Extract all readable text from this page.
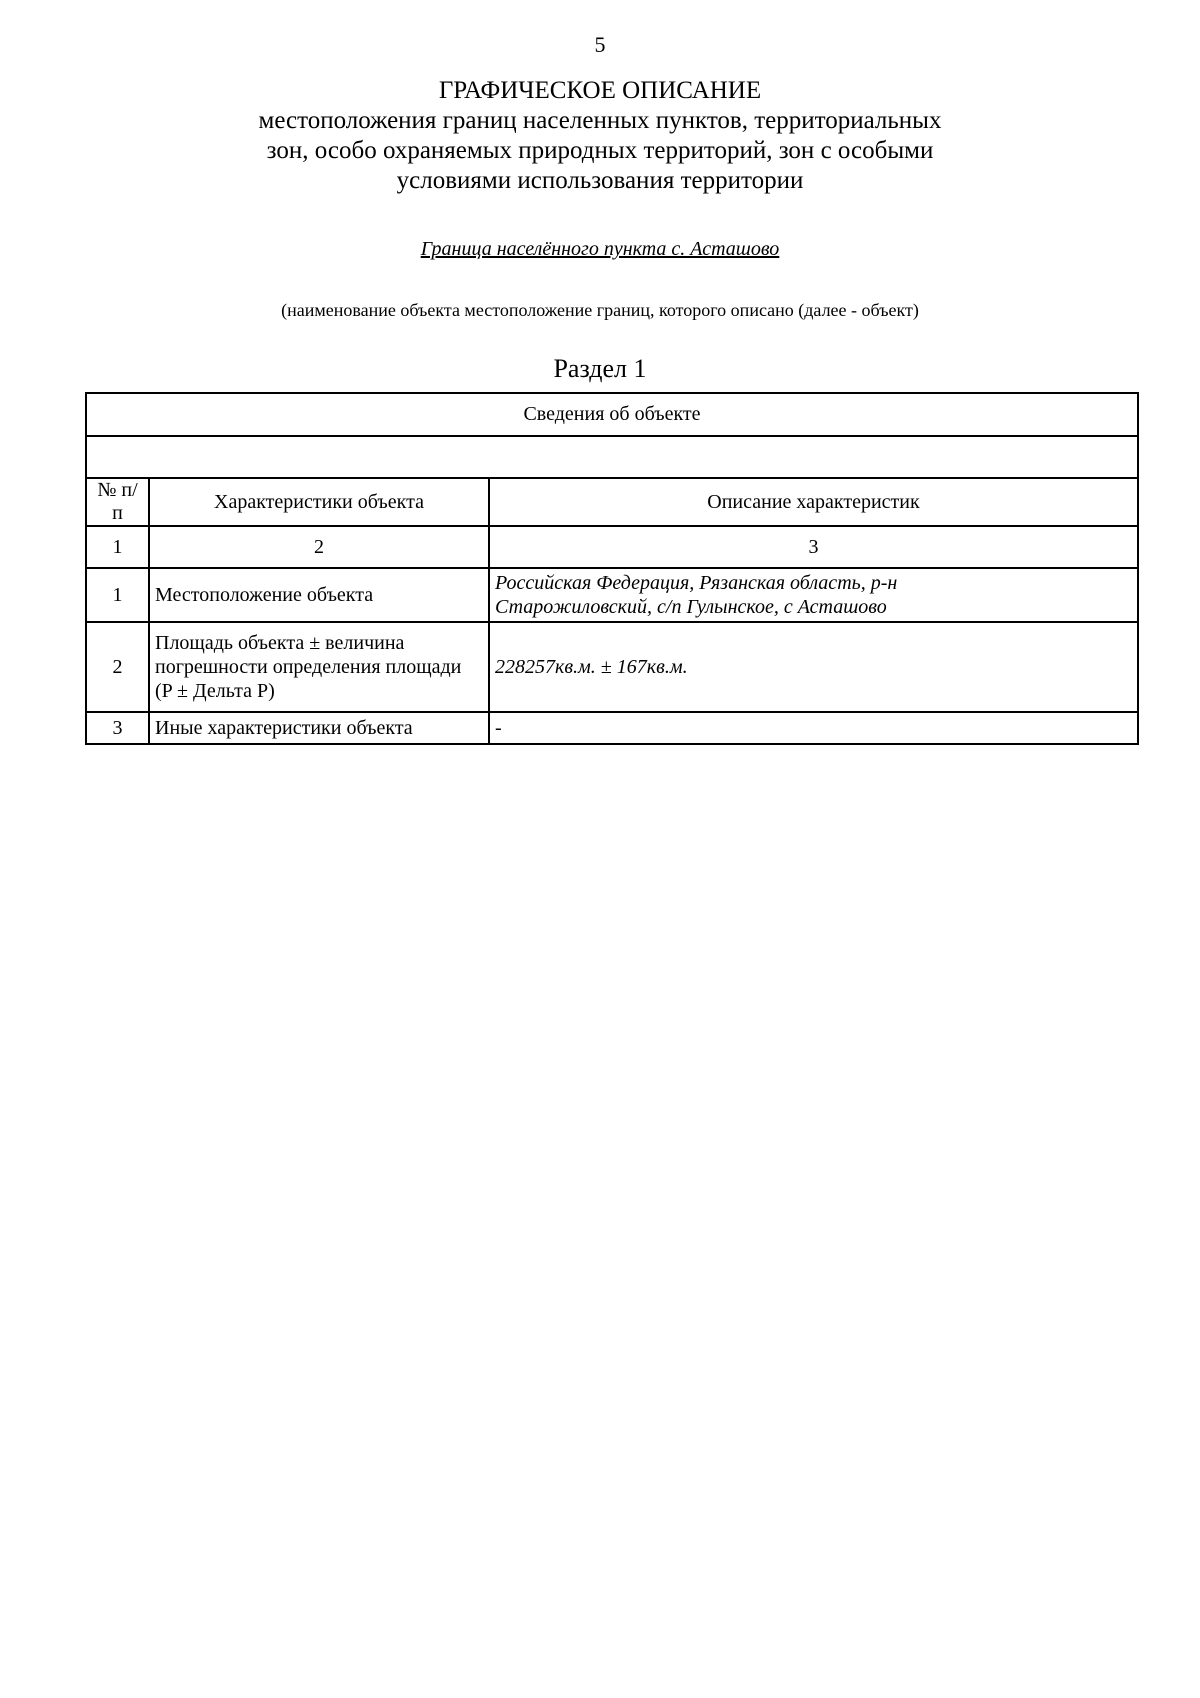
5
ГРАФИЧЕСКОЕ ОПИСАНИЕ
местоположения границ населенных пунктов, территориальных
зон, особо охраняемых природных территорий, зон с особыми
условиями использования территории
Граница населённого пункта с. Асташово
(наименование объекта местоположение границ, которого описано (далее - объект)
Раздел 1
Сведения об объекте		

№ п/п	Характеристики объекта	Описание характеристик
1	2	3
1	Местоположение объекта	Российская Федерация, Рязанская область, р-н
Старожиловский, с/п Гулынское, с Асташово

2	Площадь объекта ± величина
погрешности определения площади
(P ± Дельта P)	228257кв.м. ± 167кв.м.
3	Иные характеристики объекта	-
